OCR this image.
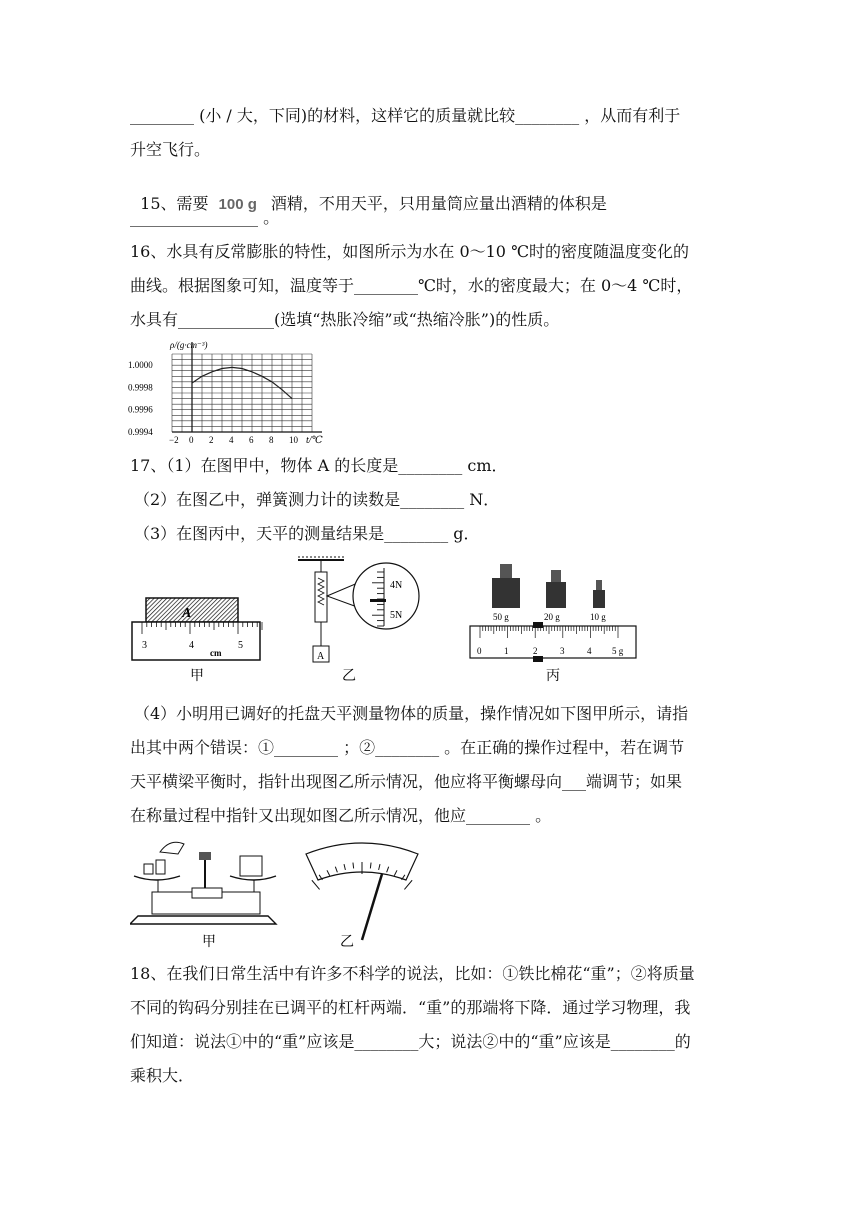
________ (小 / 大，下同)的材料，这样它的质量就比较________ ，从而有利于
升空飞行。

15、需要 100 g 酒精，不用天平，只用量筒应量出酒精的体积是

________________ 。
16、水具有反常膨胀的特性，如图所示为水在 0～10 ℃时的密度随温度变化的
曲线。根据图象可知，温度等于________℃时，水的密度最大；在 0～4 ℃时，
水具有____________(选填“热胀冷缩”或“热缩冷胀”)的性质。
ρ/(g·cm⁻³)
t/℃
1.0000
0.9998
0.9996
0.9994
−2 0 2 4 6 8 10
17、（1）在图甲中，物体 A 的长度是________ cm．
（2）在图乙中，弹簧测力计的读数是________ N．
（3）在图丙中，天平的测量结果是________ g．
A
3	4	5
cm
甲
A
4N
5N
乙
50 g	20 g	10 g
0	1	2	3	4 5 g
丙
（4）小明用已调好的托盘天平测量物体的质量，操作情况如下图甲所示，请指
出其中两个错误：①________ ；②________ 。在正确的操作过程中，若在调节
天平横梁平衡时，指针出现图乙所示情况，他应将平衡螺母向___端调节；如果
在称量过程中指针又出现如图乙所示情况，他应________ 。
甲	乙
18、在我们日常生活中有许多不科学的说法，比如：①铁比棉花“重”；②将质量
不同的钩码分别挂在已调平的杠杆两端．“重”的那端将下降．通过学习物理，我
们知道：说法①中的“重”应该是________大；说法②中的“重”应该是________的
乘积大．
